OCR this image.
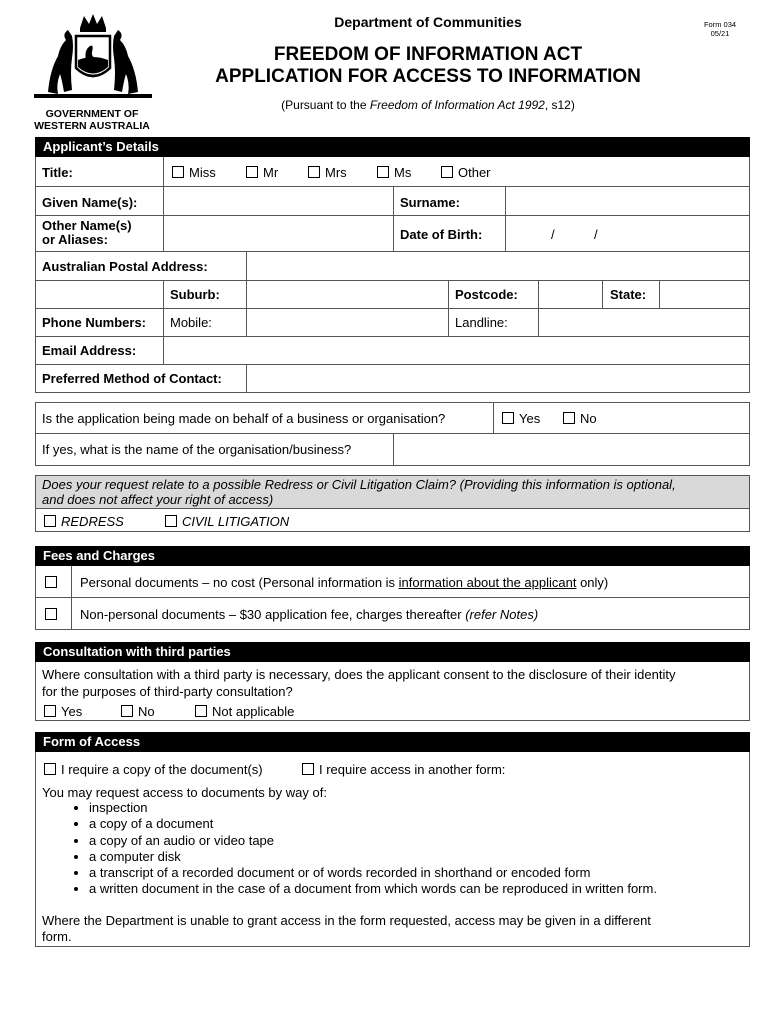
GOVERNMENT OF
WESTERN AUSTRALIA
Department of Communities	Form 034
05/21
FREEDOM OF INFORMATION ACT
APPLICATION FOR ACCESS TO INFORMATION
(Pursuant to the Freedom of Information Act 1992, s12)
Applicant’s Details
Title:	Miss	Mr	Mrs	Ms	Other
Given Name(s):	Surname:
Other Name(s)
or Aliases:	Date of Birth:	/	/
Australian Postal Address:
Suburb:	Postcode:	State:
Phone Numbers: Mobile:	Landline:
Email Address:
Preferred Method of Contact:
Is the application being made on behalf of a business or organisation?	Yes	No
If yes, what is the name of the organisation/business?
Does your request relate to a possible Redress or Civil Litigation Claim? (Providing this information is optional,
and does not affect your right of access)
REDRESS	CIVIL LITIGATION
Fees and Charges
Personal documents – no cost (Personal information is information about the applicant only)
Non-personal documents – $30 application fee, charges thereafter (refer Notes)
Consultation with third parties
Where consultation with a third party is necessary, does the applicant consent to the disclosure of their identity
for the purposes of third-party consultation?
Yes	No	Not applicable
Form of Access
I require a copy of the document(s)	I require access in another form:
You may request access to documents by way of:
• inspection
• a copy of a document
• a copy of an audio or video tape
• a computer disk
• a transcript of a recorded document or of words recorded in shorthand or encoded form
• a written document in the case of a document from which words can be reproduced in written form.
Where the Department is unable to grant access in the form requested, access may be given in a different
form.
